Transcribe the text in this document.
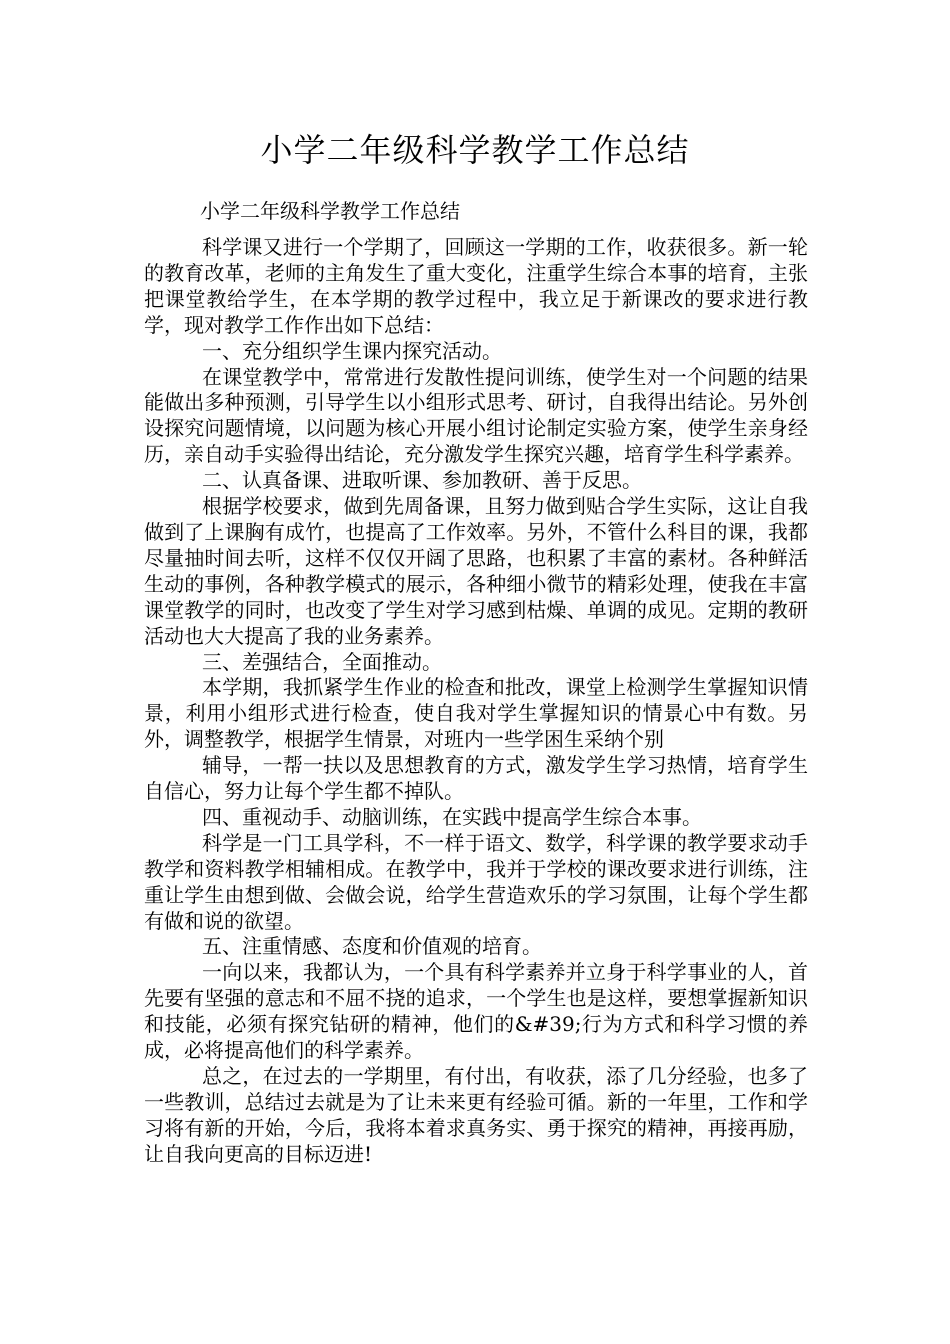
小学二年级科学教学工作总结

小学二年级科学教学工作总结

科学课又进行一个学期了，回顾这一学期的工作，收获很多。新一轮的教育改革，老师的主角发生了重大变化，注重学生综合本事的培育，主张把课堂教给学生，在本学期的教学过程中，我立足于新课改的要求进行教学，现对教学工作作出如下总结：

一、充分组织学生课内探究活动。

在课堂教学中，常常进行发散性提问训练，使学生对一个问题的结果能做出多种预测，引导学生以小组形式思考、研讨，自我得出结论。另外创设探究问题情境，以问题为核心开展小组讨论制定实验方案，使学生亲身经历，亲自动手实验得出结论，充分激发学生探究兴趣，培育学生科学素养。

二、认真备课、进取听课、参加教研、善于反思。

根据学校要求，做到先周备课，且努力做到贴合学生实际，这让自我做到了上课胸有成竹，也提高了工作效率。另外，不管什么科目的课，我都尽量抽时间去听，这样不仅仅开阔了思路，也积累了丰富的素材。各种鲜活生动的事例，各种教学模式的展示，各种细小微节的精彩处理，使我在丰富课堂教学的同时，也改变了学生对学习感到枯燥、单调的成见。定期的教研活动也大大提高了我的业务素养。

三、差强结合，全面推动。

本学期，我抓紧学生作业的检查和批改，课堂上检测学生掌握知识情景，利用小组形式进行检查，使自我对学生掌握知识的情景心中有数。另外，调整教学，根据学生情景，对班内一些学困生采纳个别

辅导，一帮一扶以及思想教育的方式，激发学生学习热情，培育学生自信心，努力让每个学生都不掉队。

四、重视动手、动脑训练，在实践中提高学生综合本事。

科学是一门工具学科，不一样于语文、数学，科学课的教学要求动手教学和资料教学相辅相成。在教学中，我并于学校的课改要求进行训练，注重让学生由想到做、会做会说，给学生营造欢乐的学习氛围，让每个学生都有做和说的欲望。

五、注重情感、态度和价值观的培育。

一向以来，我都认为，一个具有科学素养并立身于科学事业的人，首先要有坚强的意志和不屈不挠的追求，一个学生也是这样，要想掌握新知识和技能，必须有探究钻研的精神，他们的&#39;行为方式和科学习惯的养成，必将提高他们的科学素养。

总之，在过去的一学期里，有付出，有收获，添了几分经验，也多了一些教训，总结过去就是为了让未来更有经验可循。新的一年里，工作和学习将有新的开始，今后，我将本着求真务实、勇于探究的精神，再接再励，让自我向更高的目标迈进!
